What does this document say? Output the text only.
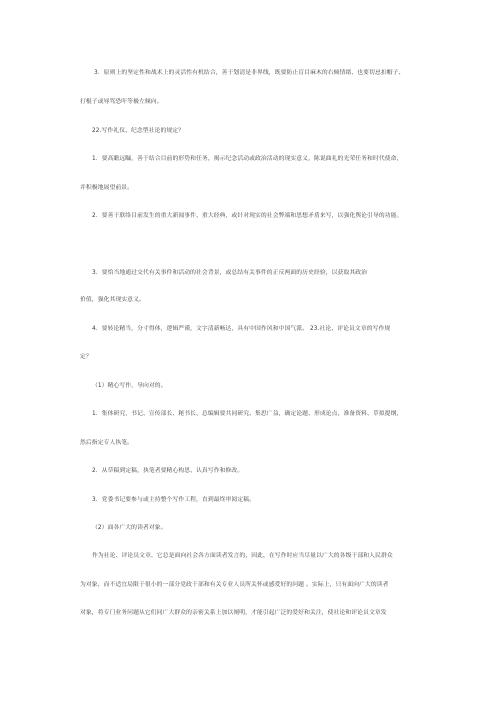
3．原则上的坚定性和战术上的灵活性有机结合，善于划清是非界线，既要防止盲目麻木的右倾情绪，也要切忌扣帽子、
打棍子或辱骂恐吓等极左倾向。
22.写作礼仪、纪念型社论的规定？
1．要高瞻远瞩，善于结合目前的形势和任务，揭示纪念活动或政治活动的现实意义，陈说曲礼的光荣任务和时代使命，
并积极地展望前景。
2．要善于联络目前发生的重大新闻事件、重大经典，或针对现实的社会弊端和思想矛盾来写，以强化舆论引导的功能。
3．要恰当地通过交代有关事件和活动的社会背景，或总结有关事件的正反两面的历史经验，以获取其政治
价值，强化其现实意义。
4．要转论精当，分寸得体，逻辑严谨，文字清新畅达，具有中国作风和中国气派。 23.社论、评论员文章的写作规
定？
（1）精心写作，导向对的。
1．集体研究，书记、宣传部长、秘书长、总编辑要共同研究、集思广益，确定论题、形成论点，准备资料、草拟提纲，
然后指定专人执笔。
2．从草稿到定稿，执笔者要精心构思、认真写作和修改。
3．党委书记要参与或主持整个写作工程，直到最终审阅定稿。
（2）面各广大的读者对象。
作为社论、评论员文章，它总是面向社会各方面读者发言的，因此，在写作时应当尽量以广大的各级干部和人民群众
为对象，而不适宜局限于很小的一部分党政干部和有关专业人员所关怀或感爱好的问题 。实际上，只有面向广大的读者
对象，将专门业务问题从它们同广大群众的亲密关系上加以阐明，才能引起广泛的爱好和关注，使社论和评论员文章发
